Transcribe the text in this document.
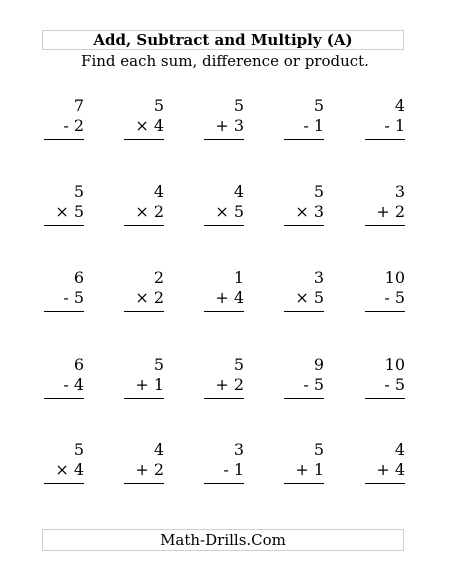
Add, Subtract and Multiply (A)
Find each sum, difference or product.
7
- 2
5
× 4
5
+ 3
5
- 1
4
- 1
5
× 5
4
× 2
4
× 5
5
× 3
3
+ 2
6
- 5
2
× 2
1
+ 4
3
× 5
10
- 5
6
- 4
5
+ 1
5
+ 2
9
- 5
10
- 5
5
× 4
4
+ 2
3
- 1
5
+ 1
4
+ 4
Math-Drills.Com
